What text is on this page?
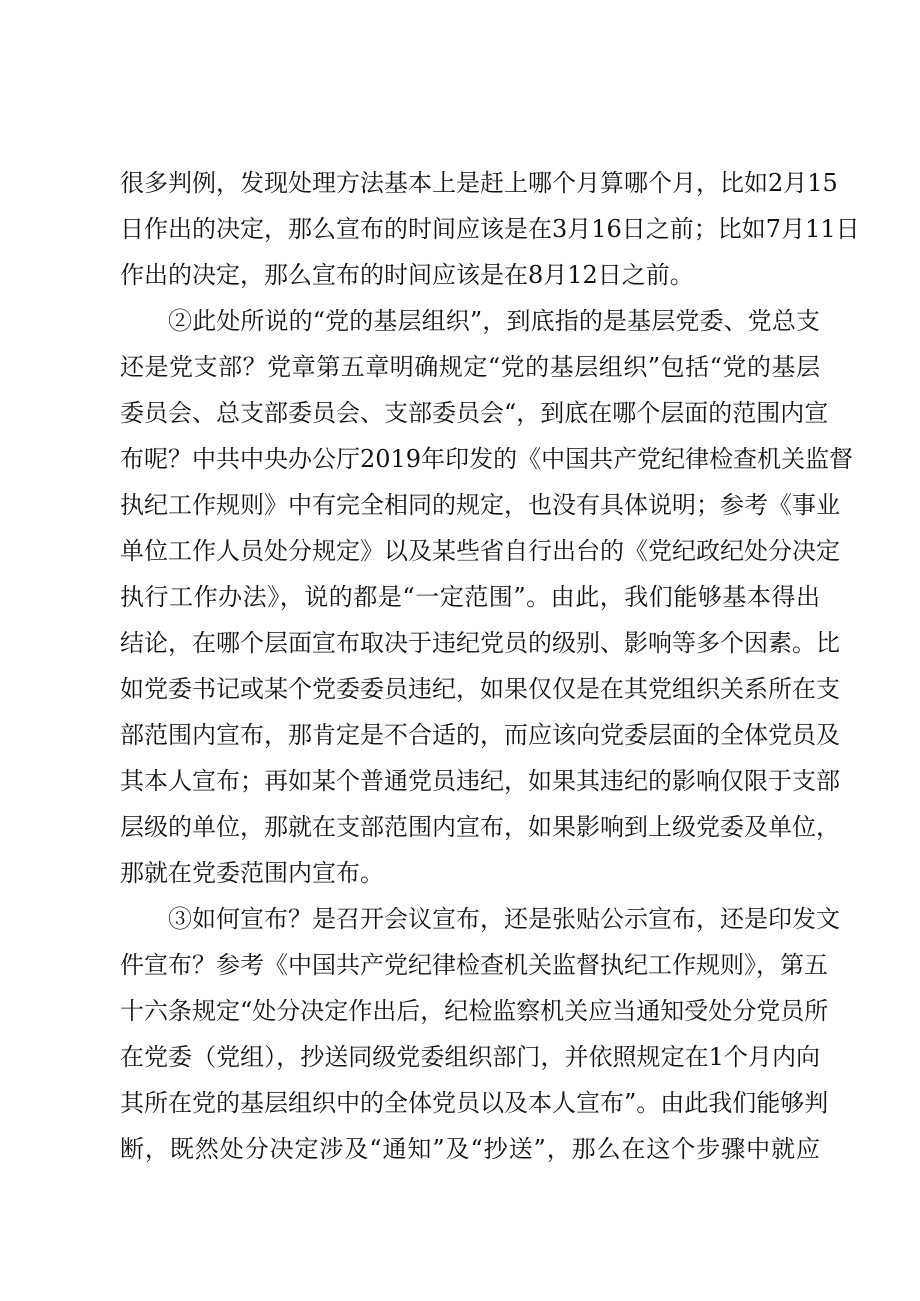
很多判例，发现处理方法基本上是赶上哪个月算哪个月，比如2月15
日作出的决定，那么宣布的时间应该是在3月16日之前；比如7月11日
作出的决定，那么宣布的时间应该是在8月12日之前。
②此处所说的“党的基层组织”，到底指的是基层党委、党总支
还是党支部？党章第五章明确规定“党的基层组织”包括“党的基层
委员会、总支部委员会、支部委员会“，到底在哪个层面的范围内宣
布呢？中共中央办公厅2019年印发的《中国共产党纪律检查机关监督
执纪工作规则》中有完全相同的规定，也没有具体说明；参考《事业
单位工作人员处分规定》以及某些省自行出台的《党纪政纪处分决定
执行工作办法》，说的都是“一定范围”。由此，我们能够基本得出
结论，在哪个层面宣布取决于违纪党员的级别、影响等多个因素。比
如党委书记或某个党委委员违纪，如果仅仅是在其党组织关系所在支
部范围内宣布，那肯定是不合适的，而应该向党委层面的全体党员及
其本人宣布；再如某个普通党员违纪，如果其违纪的影响仅限于支部
层级的单位，那就在支部范围内宣布，如果影响到上级党委及单位，
那就在党委范围内宣布。
③如何宣布？是召开会议宣布，还是张贴公示宣布，还是印发文
件宣布？参考《中国共产党纪律检查机关监督执纪工作规则》，第五
十六条规定“处分决定作出后，纪检监察机关应当通知受处分党员所
在党委（党组），抄送同级党委组织部门，并依照规定在1个月内向
其所在党的基层组织中的全体党员以及本人宣布”。由此我们能够判
断，既然处分决定涉及“通知”及“抄送”，那么在这个步骤中就应
